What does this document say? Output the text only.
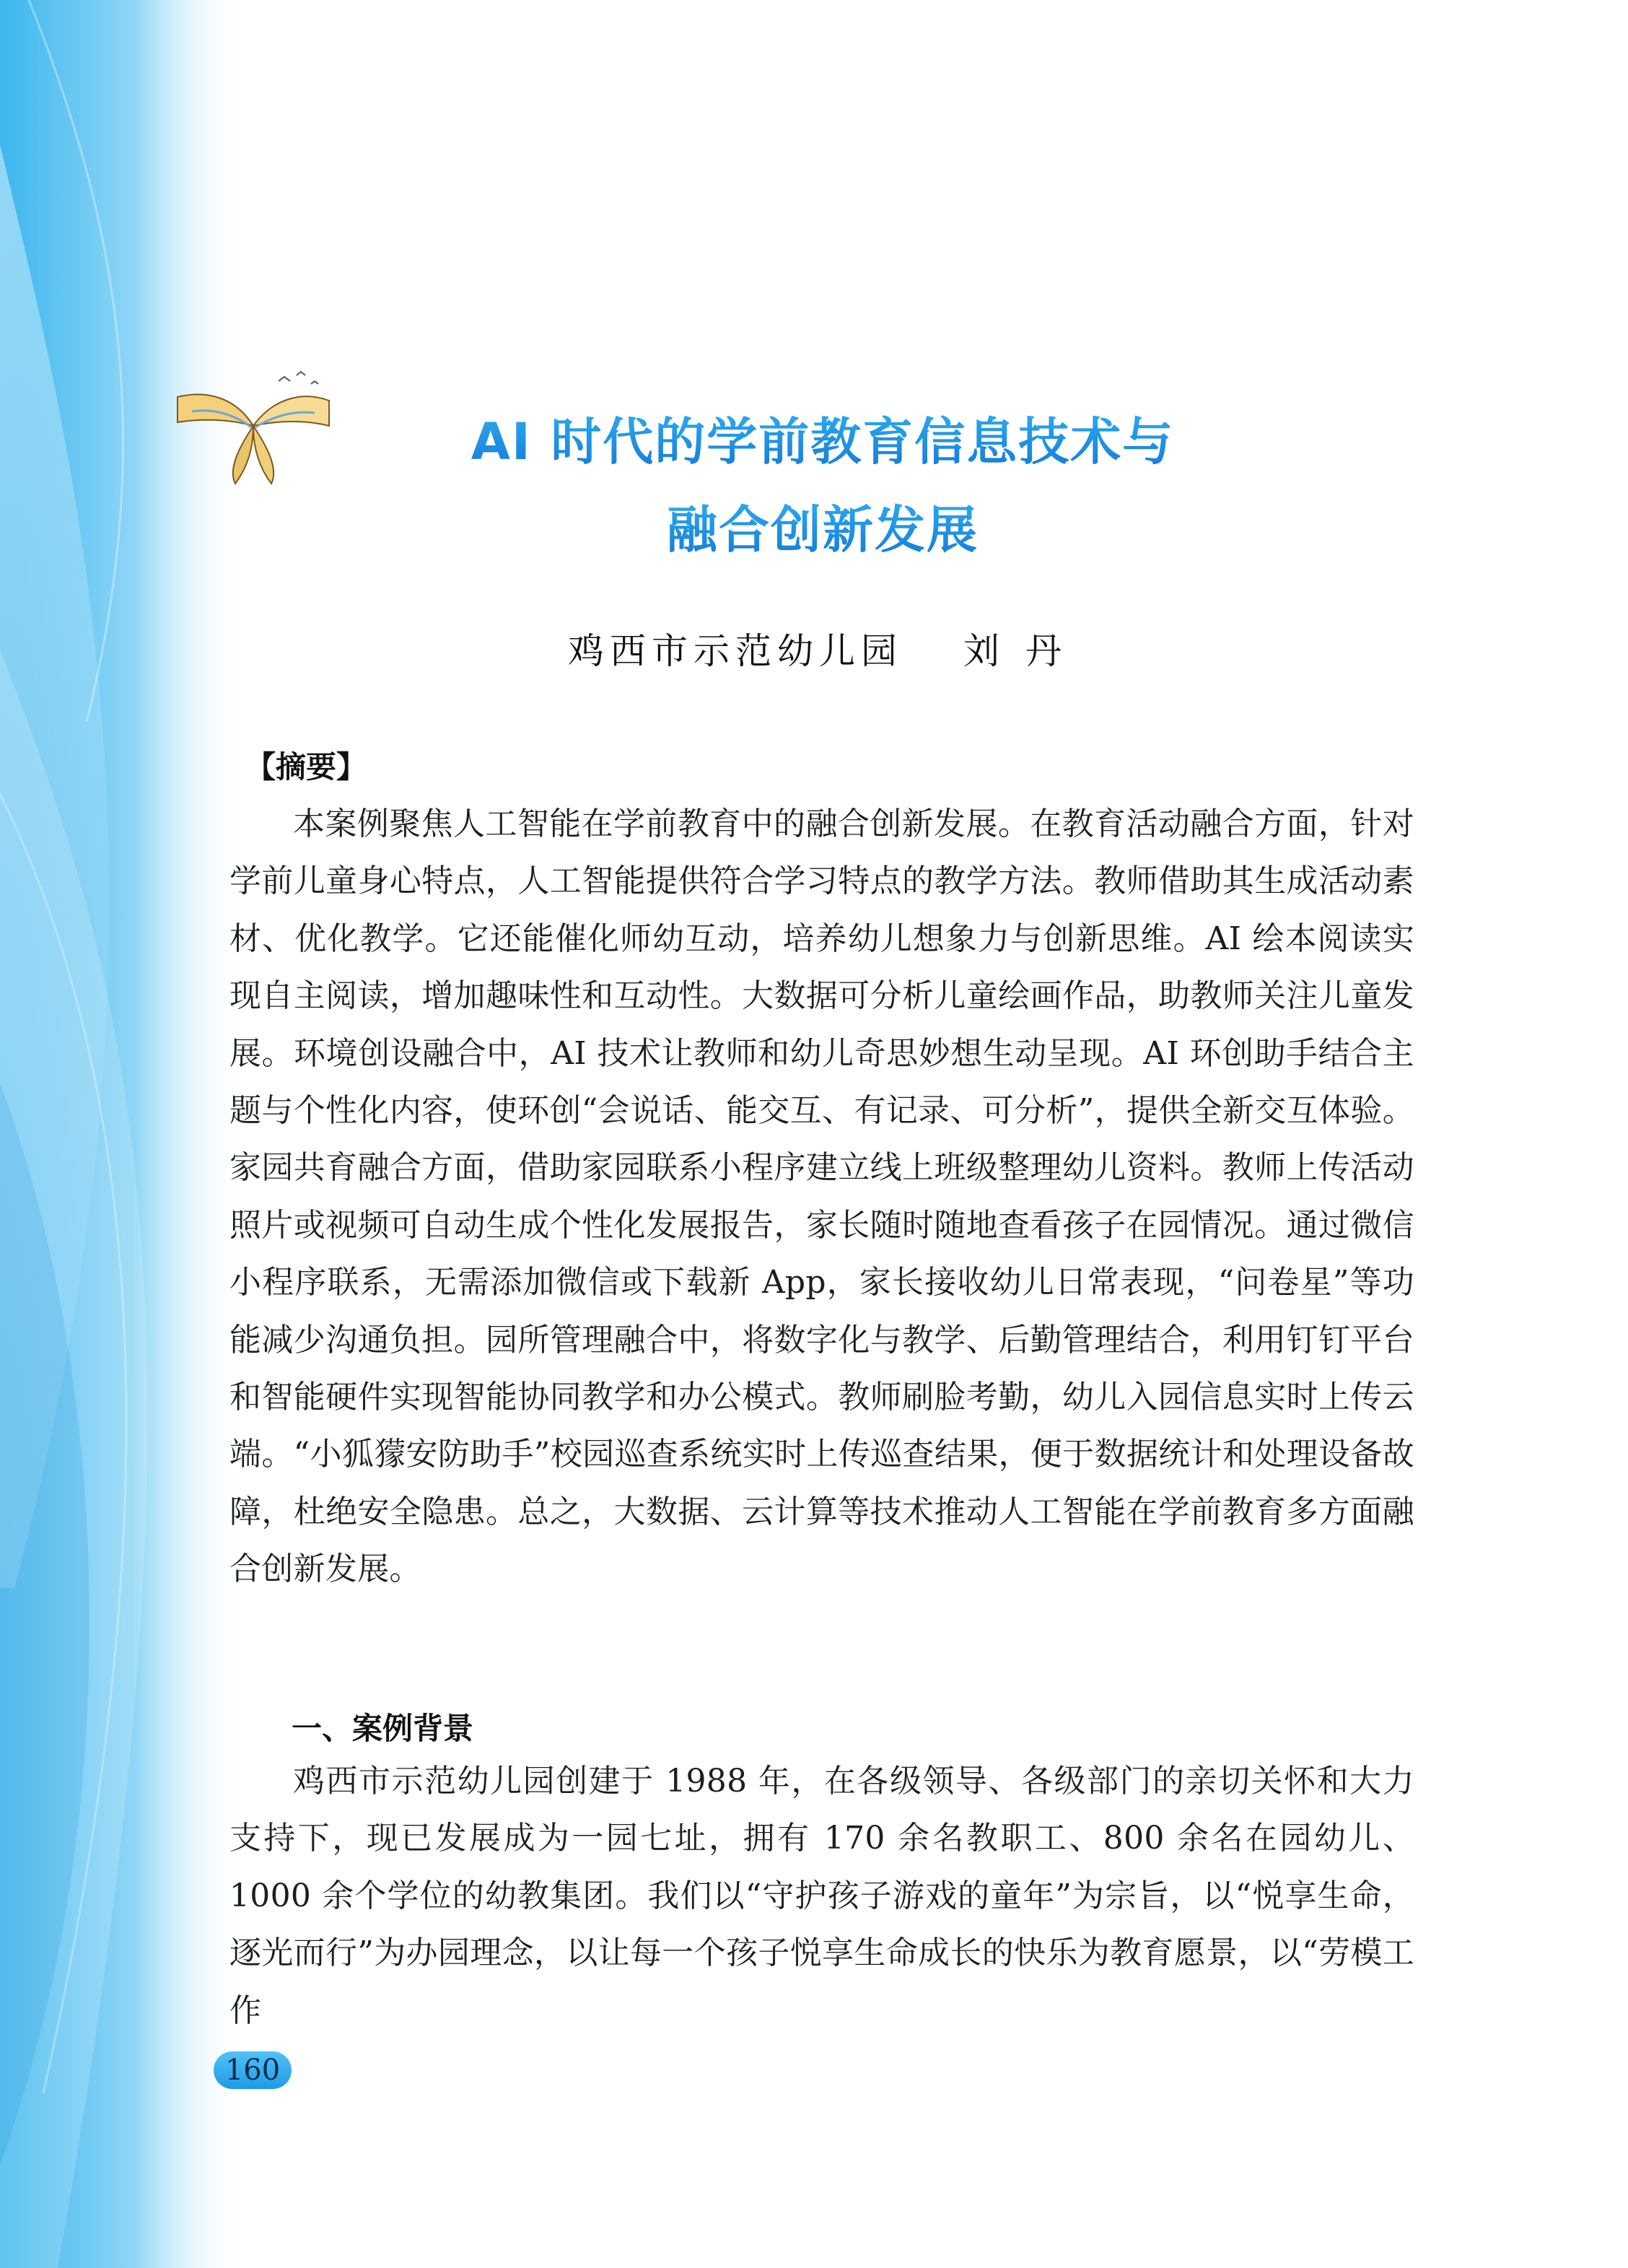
AI 时代的学前教育信息技术与
融合创新发展
鸡西市示范幼儿园 刘 丹
【摘要】
本案例聚焦人工智能在学前教育中的融合创新发展。在教育活动融合方面，针对学前儿童身心特点，人工智能提供符合学习特点的教学方法。教师借助其生成活动素材、优化教学。它还能催化师幼互动，培养幼儿想象力与创新思维。AI 绘本阅读实现自主阅读，增加趣味性和互动性。大数据可分析儿童绘画作品，助教师关注儿童发展。环境创设融合中，AI 技术让教师和幼儿奇思妙想生动呈现。AI 环创助手结合主题与个性化内容，使环创“会说话、能交互、有记录、可分析”，提供全新交互体验。家园共育融合方面，借助家园联系小程序建立线上班级整理幼儿资料。教师上传活动照片或视频可自动生成个性化发展报告，家长随时随地查看孩子在园情况。通过微信小程序联系，无需添加微信或下载新 App，家长接收幼儿日常表现，“问卷星”等功能减少沟通负担。园所管理融合中，将数字化与教学、后勤管理结合，利用钉钉平台和智能硬件实现智能协同教学和办公模式。教师刷脸考勤，幼儿入园信息实时上传云端。“小狐獴安防助手”校园巡查系统实时上传巡查结果，便于数据统计和处理设备故障，杜绝安全隐患。总之，大数据、云计算等技术推动人工智能在学前教育多方面融合创新发展。
一、案例背景
鸡西市示范幼儿园创建于 1988 年，在各级领导、各级部门的亲切关怀和大力支持下，现已发展成为一园七址，拥有 170 余名教职工、800 余名在园幼儿、1000 余个学位的幼教集团。我们以“守护孩子游戏的童年”为宗旨，以“悦享生命，逐光而行”为办园理念，以让每一个孩子悦享生命成长的快乐为教育愿景，以“劳模工作
160
